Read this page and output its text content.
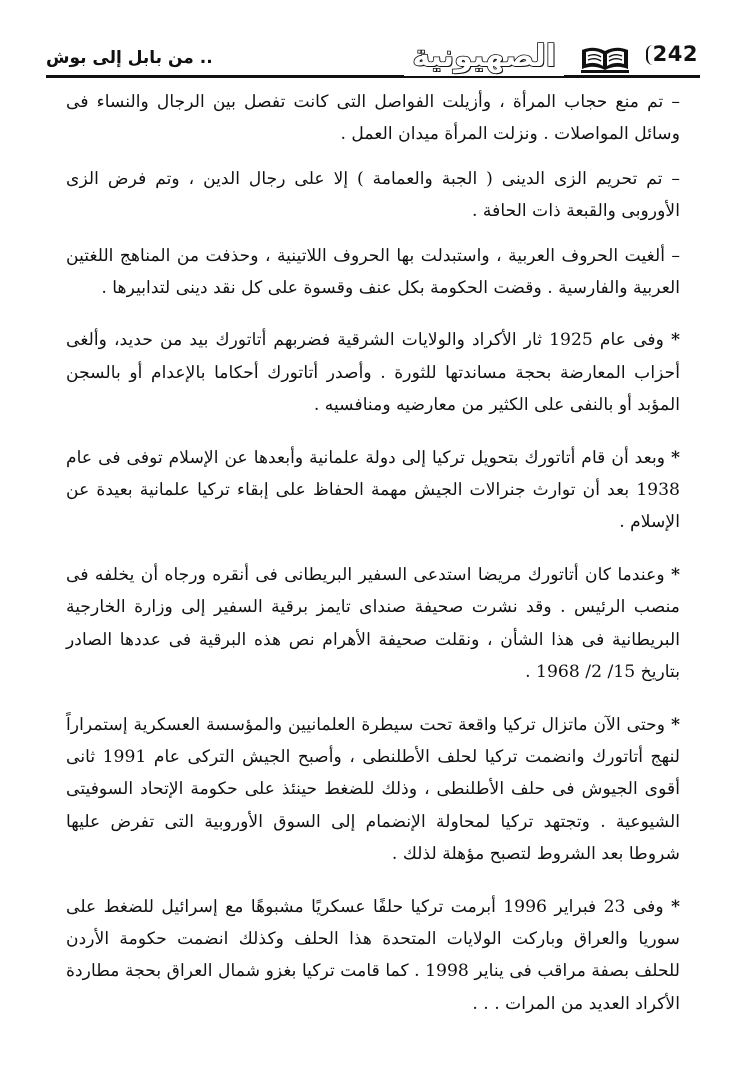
242
الصهيونية
.. من بابل إلى بوش

– تم منع حجاب المرأة ، وأزيلت الفواصل التى كانت تفصل بين الرجال والنساء فى وسائل المواصلات . ونزلت المرأة ميدان العمل .

– تم تحريم الزى الدينى ( الجبة والعمامة ) إلا على رجال الدين ، وتم فرض الزى الأوروبى والقبعة ذات الحافة .

– ألغيت الحروف العربية ، واستبدلت بها الحروف اللاتينية ، وحذفت من المناهج اللغتين العربية والفارسية . وقضت الحكومة بكل عنف وقسوة على كل نقد دينى لتدابيرها .

* وفى عام 1925 ثار الأكراد والولايات الشرقية فضربهم أتاتورك بيد من حديد، وألغى أحزاب المعارضة بحجة مساندتها للثورة . وأصدر أتاتورك أحكاما بالإعدام أو بالسجن المؤبد أو بالنفى على الكثير من معارضيه ومنافسيه .

* وبعد أن قام أتاتورك بتحويل تركيا إلى دولة علمانية وأبعدها عن الإسلام توفى فى عام 1938 بعد أن توارث جنرالات الجيش مهمة الحفاظ على إبقاء تركيا علمانية بعيدة عن الإسلام .

* وعندما كان أتاتورك مريضا استدعى السفير البريطانى فى أنقره ورجاه أن يخلفه فى منصب الرئيس . وقد نشرت صحيفة صنداى تايمز برقية السفير إلى وزارة الخارجية البريطانية فى هذا الشأن ، ونقلت صحيفة الأهرام نص هذه البرقية فى عددها الصادر بتاريخ 15/ 2/ 1968 .

* وحتى الآن ماتزال تركيا واقعة تحت سيطرة العلمانيين والمؤسسة العسكرية إستمراراً لنهج أتاتورك وانضمت تركيا لحلف الأطلنطى ، وأصبح الجيش التركى عام 1991 ثانى أقوى الجيوش فى حلف الأطلنطى ، وذلك للضغط حينئذ على حكومة الإتحاد السوفيتى الشيوعية . وتجتهد تركيا لمحاولة الإنضمام إلى السوق الأوروبية التى تفرض عليها شروطا بعد الشروط لتصبح مؤهلة لذلك .

* وفى 23 فبراير 1996 أبرمت تركيا حلفًا عسكريًا مشبوهًا مع إسرائيل للضغط على سوريا والعراق وباركت الولايات المتحدة هذا الحلف وكذلك انضمت حكومة الأردن للحلف بصفة مراقب فى يناير 1998 . كما قامت تركيا بغزو شمال العراق بحجة مطاردة الأكراد العديد من المرات . . .
